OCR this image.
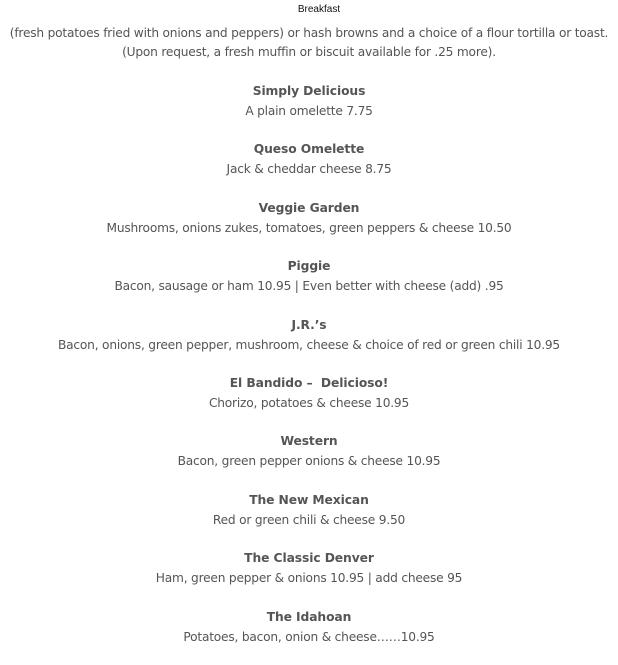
Breakfast
(fresh potatoes fried with onions and peppers) or hash browns and a choice of a flour tortilla or toast.
(Upon request, a fresh muffin or biscuit available for .25 more).
Simply Delicious
A plain omelette 7.75
Queso Omelette
Jack & cheddar cheese 8.75
Veggie Garden
Mushrooms, onions zukes, tomatoes, green peppers & cheese 10.50
Piggie
Bacon, sausage or ham 10.95 | Even better with cheese (add) .95
J.R.’s
Bacon, onions, green pepper, mushroom, cheese & choice of red or green chili 10.95
El Bandido –  Delicioso!
Chorizo, potatoes & cheese 10.95
Western
Bacon, green pepper onions & cheese 10.95
The New Mexican
Red or green chili & cheese 9.50
The Classic Denver
Ham, green pepper & onions 10.95 | add cheese 95
The Idahoan
Potatoes, bacon, onion & cheese……10.95
